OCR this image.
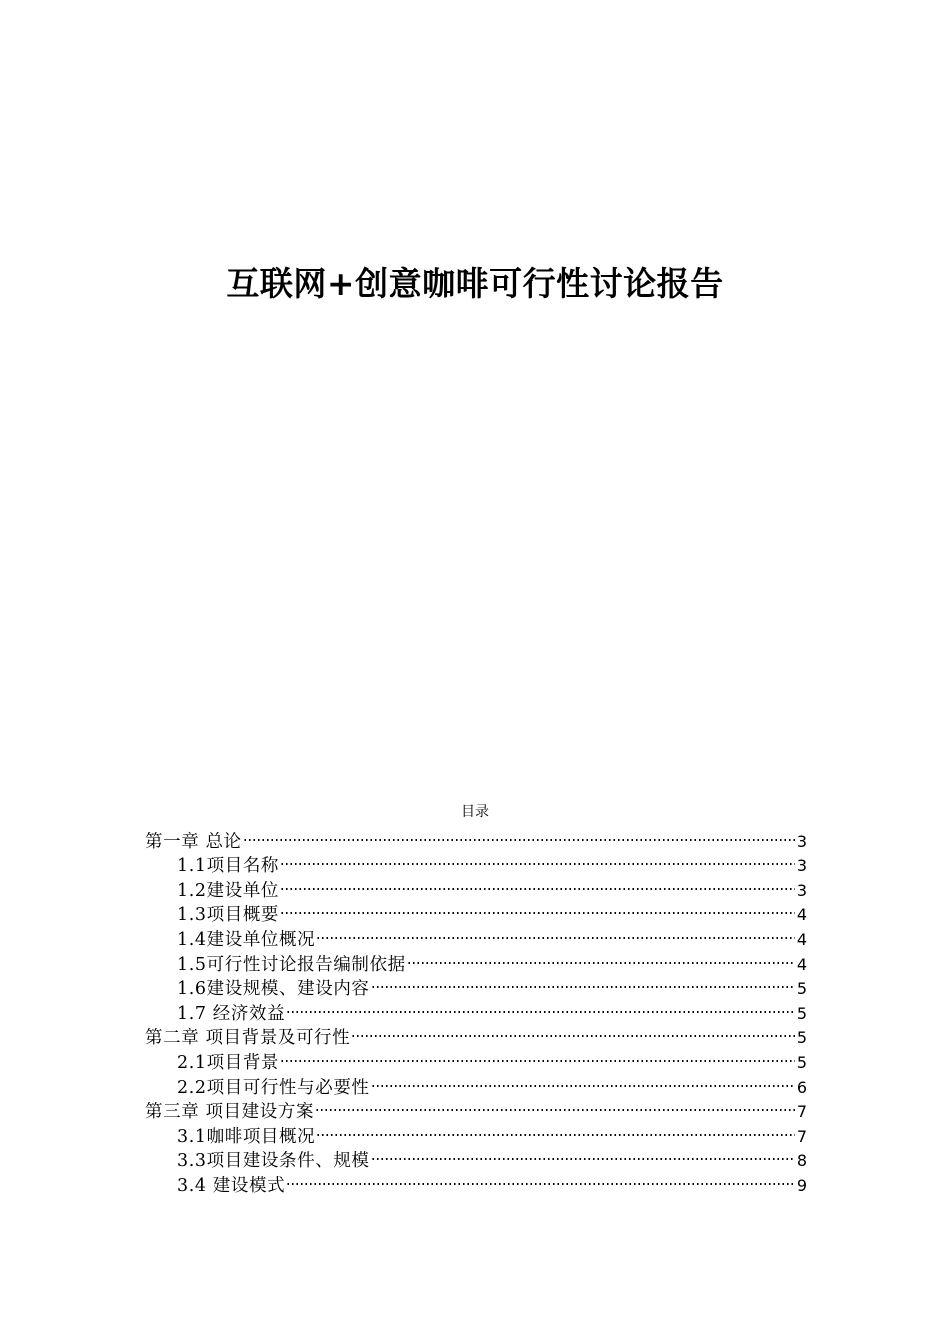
互联网+创意咖啡可行性讨论报告
目录
第一章 总论	3
1.1项目名称	3
1.2建设单位	3
1.3项目概要	4
1.4建设单位概况	4
1.5可行性讨论报告编制依据	4
1.6建设规模、建设内容	5
1.7 经济效益	5
第二章 项目背景及可行性	5
2.1项目背景	5
2.2项目可行性与必要性	6
第三章 项目建设方案	7
3.1咖啡项目概况	7
3.3项目建设条件、规模	8
3.4 建设模式	9
